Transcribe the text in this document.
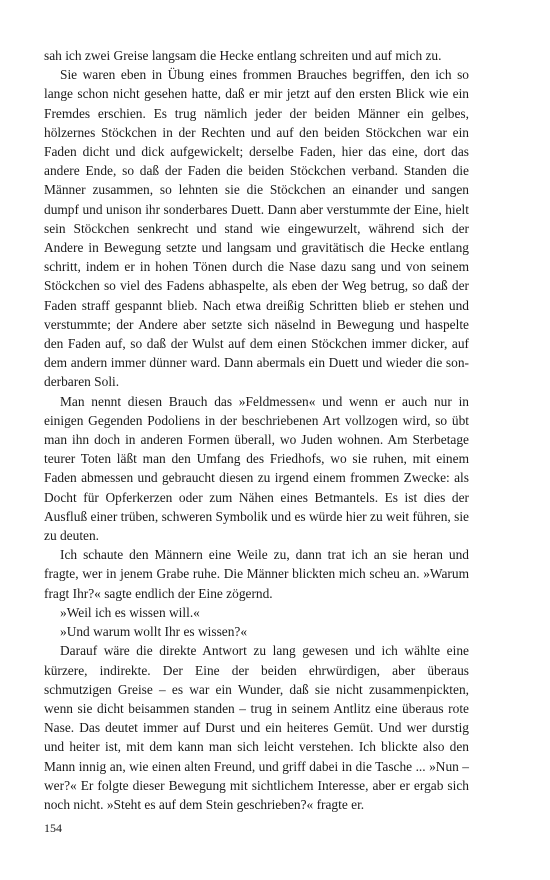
sah ich zwei Greise langsam die Hecke entlang schreiten und auf mich zu.

Sie waren eben in Übung eines frommen Brauches begriffen, den ich so lange schon nicht gesehen hatte, daß er mir jetzt auf den ersten Blick wie ein Fremdes erschien. Es trug nämlich jeder der beiden Männer ein gelbes, hölzernes Stöckchen in der Rechten und auf den beiden Stöckchen war ein Faden dicht und dick aufgewickelt; derselbe Faden, hier das eine, dort das andere Ende, so daß der Faden die beiden Stöckchen verband. Standen die Männer zusammen, so lehnten sie die Stöckchen an einander und sangen dumpf und unison ihr sonderbares Duett. Dann aber verstummte der Eine, hielt sein Stöckchen senkrecht und stand wie eingewurzelt, während sich der Andere in Bewegung setzte und langsam und gravitätisch die Hecke entlang schritt, indem er in hohen Tönen durch die Nase dazu sang und von seinem Stöckchen so viel des Fadens abhaspelte, als eben der Weg betrug, so daß der Faden straff gespannt blieb. Nach etwa dreißig Schritten blieb er stehen und verstummte; der Andere aber setzte sich näselnd in Bewegung und haspelte den Faden auf, so daß der Wulst auf dem einen Stöckchen immer dicker, auf dem andern immer dünner ward. Dann abermals ein Duett und wieder die sonderbaren Soli.

Man nennt diesen Brauch das »Feldmessen« und wenn er auch nur in einigen Gegenden Podoliens in der beschriebenen Art vollzogen wird, so übt man ihn doch in anderen Formen überall, wo Juden wohnen. Am Sterbetage teurer Toten läßt man den Umfang des Friedhofs, wo sie ruhen, mit einem Faden abmessen und gebraucht diesen zu irgend einem frommen Zwecke: als Docht für Opferkerzen oder zum Nähen eines Betmantels. Es ist dies der Ausfluß einer trüben, schweren Symbolik und es würde hier zu weit führen, sie zu deuten.

Ich schaute den Männern eine Weile zu, dann trat ich an sie heran und fragte, wer in jenem Grabe ruhe. Die Männer blickten mich scheu an. »Warum fragt Ihr?« sagte endlich der Eine zögernd.

»Weil ich es wissen will.«

»Und warum wollt Ihr es wissen?«

Darauf wäre die direkte Antwort zu lang gewesen und ich wählte eine kürzere, indirekte. Der Eine der beiden ehrwürdigen, aber überaus schmutzigen Greise – es war ein Wunder, daß sie nicht zusammenpickten, wenn sie dicht beisammen standen – trug in seinem Antlitz eine überaus rote Nase. Das deutet immer auf Durst und ein heiteres Gemüt. Und wer durstig und heiter ist, mit dem kann man sich leicht verstehen. Ich blickte also den Mann innig an, wie einen alten Freund, und griff dabei in die Tasche ... »Nun – wer?« Er folgte dieser Bewegung mit sichtlichem Interesse, aber er ergab sich noch nicht. »Steht es auf dem Stein geschrieben?« fragte er.

154
